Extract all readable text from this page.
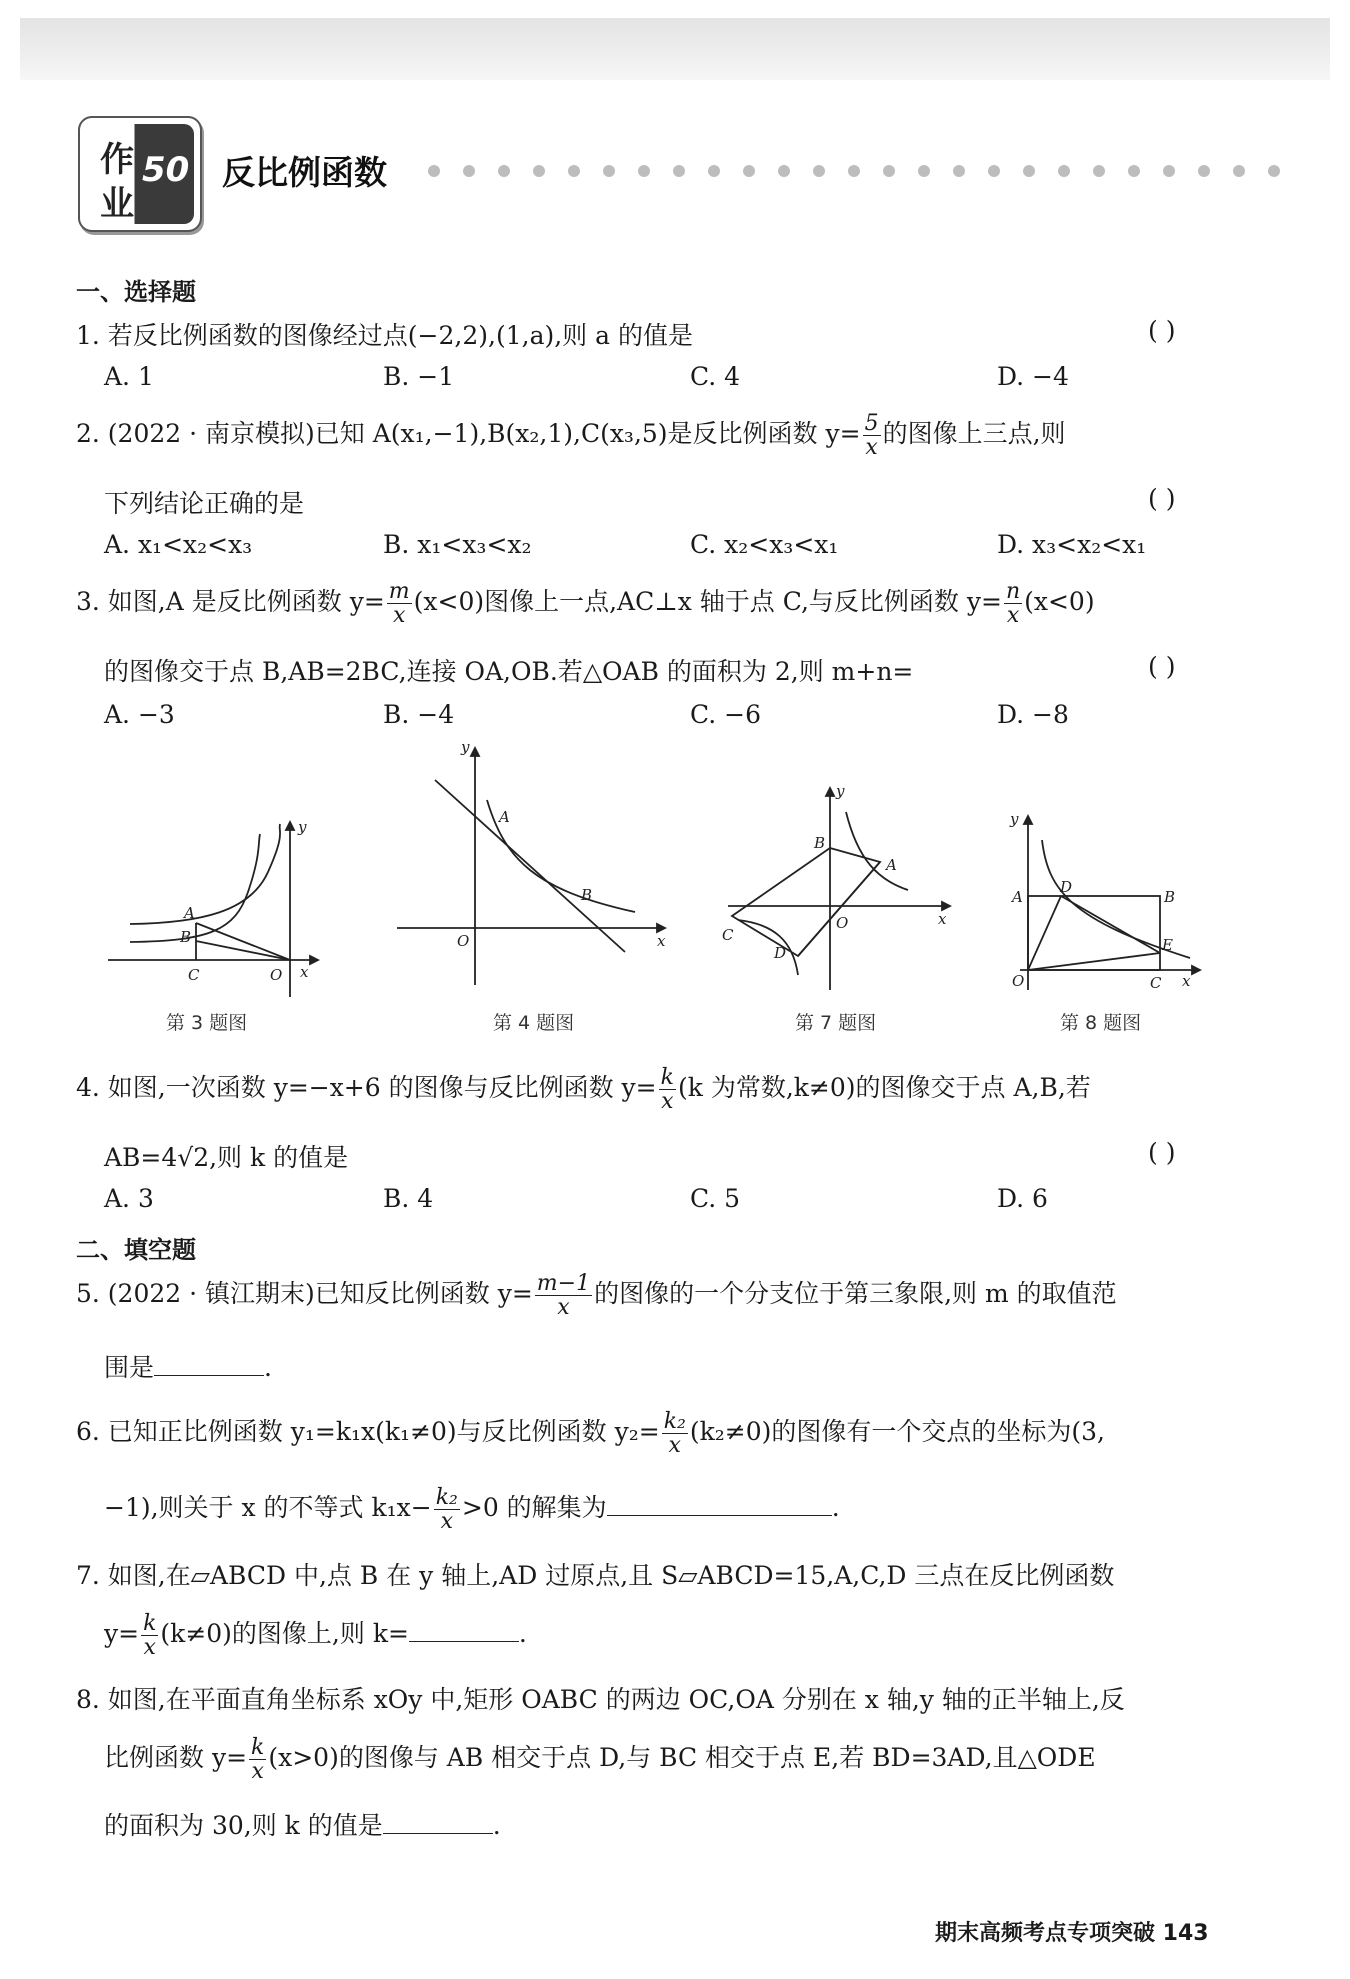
作
业
50 反比例函数
一、选择题
1. 若反比例函数的图像经过点(−2,2),(1,a),则 a 的值是	( )
A. 1	B. −1	C. 4	D. −4
2. (2022 · 南京模拟)已知 A(x₁,−1),B(x₂,1),C(x₃,5)是反比例函数 $y= \frac{5}{x}$ 的图像上三点,则
下列结论正确的是	( )
A. x₁<x₂<x₃	B. x₁<x₃<x₂	C. x₂<x₃<x₁	D. x₃<x₂<x₁
3. 如图,A 是反比例函数 $y= \frac{m}{x} (x<0)$图像上一点,AC⊥x 轴于点 C,与反比例函数 $y= \frac{n}{x} (x<0)$
的图像交于点 B,AB=2BC,连接 OA,OB.若△OAB 的面积为 2,则 m+n=	( )
A. −3	B. −4	C. −6	D. −8
y
A
B
C	O x
第 3 题图
y
A
B
O	x
第 4 题图
y
B
A
C
O	x
D
第 7 题图
y
A
D
B
E
O	C x
第 8 题图
4. 如图,一次函数 y=−x+6 的图像与反比例函数 $y= \frac{k}{x} (k$ 为常数,k≠0)的图像交于点 A,B,若
AB=4√2,则 k 的值是	( )
A. 3	B. 4	C. 5	D. 6
二、填空题
5. (2022 · 镇江期末)已知反比例函数 $y= \frac{m-1}{x}$ 的图像的一个分支位于第三象限,则 m 的取值范
围是	.
6. 已知正比例函数 y₁=k₁x(k₁≠0)与反比例函数 $y_2= \frac{\text{k₂}}{x} (k_2\ne 0)$的图像有一个交点的坐标为(3,
−1),则关于 x 的不等式 $k_1x- \frac{\text{k₂}}{x} >0$ 的解集为	.
7. 如图,在▱ABCD 中,点 B 在 y 轴上,AD 过原点,且 S▱ABCD=15,A,C,D 三点在反比例函数
$y= \frac{k}{x} (k\ne 0)$的图像上,则 k=	.
8. 如图,在平面直角坐标系 xOy 中,矩形 OABC 的两边 OC,OA 分别在 x 轴,y 轴的正半轴上,反
比例函数 $y= \frac{k}{x} (x>0)$的图像与 AB 相交于点 D,与 BC 相交于点 E,若 BD=3AD,且△ODE
的面积为 30,则 k 的值是	.
期末高频考点专项突破 143
